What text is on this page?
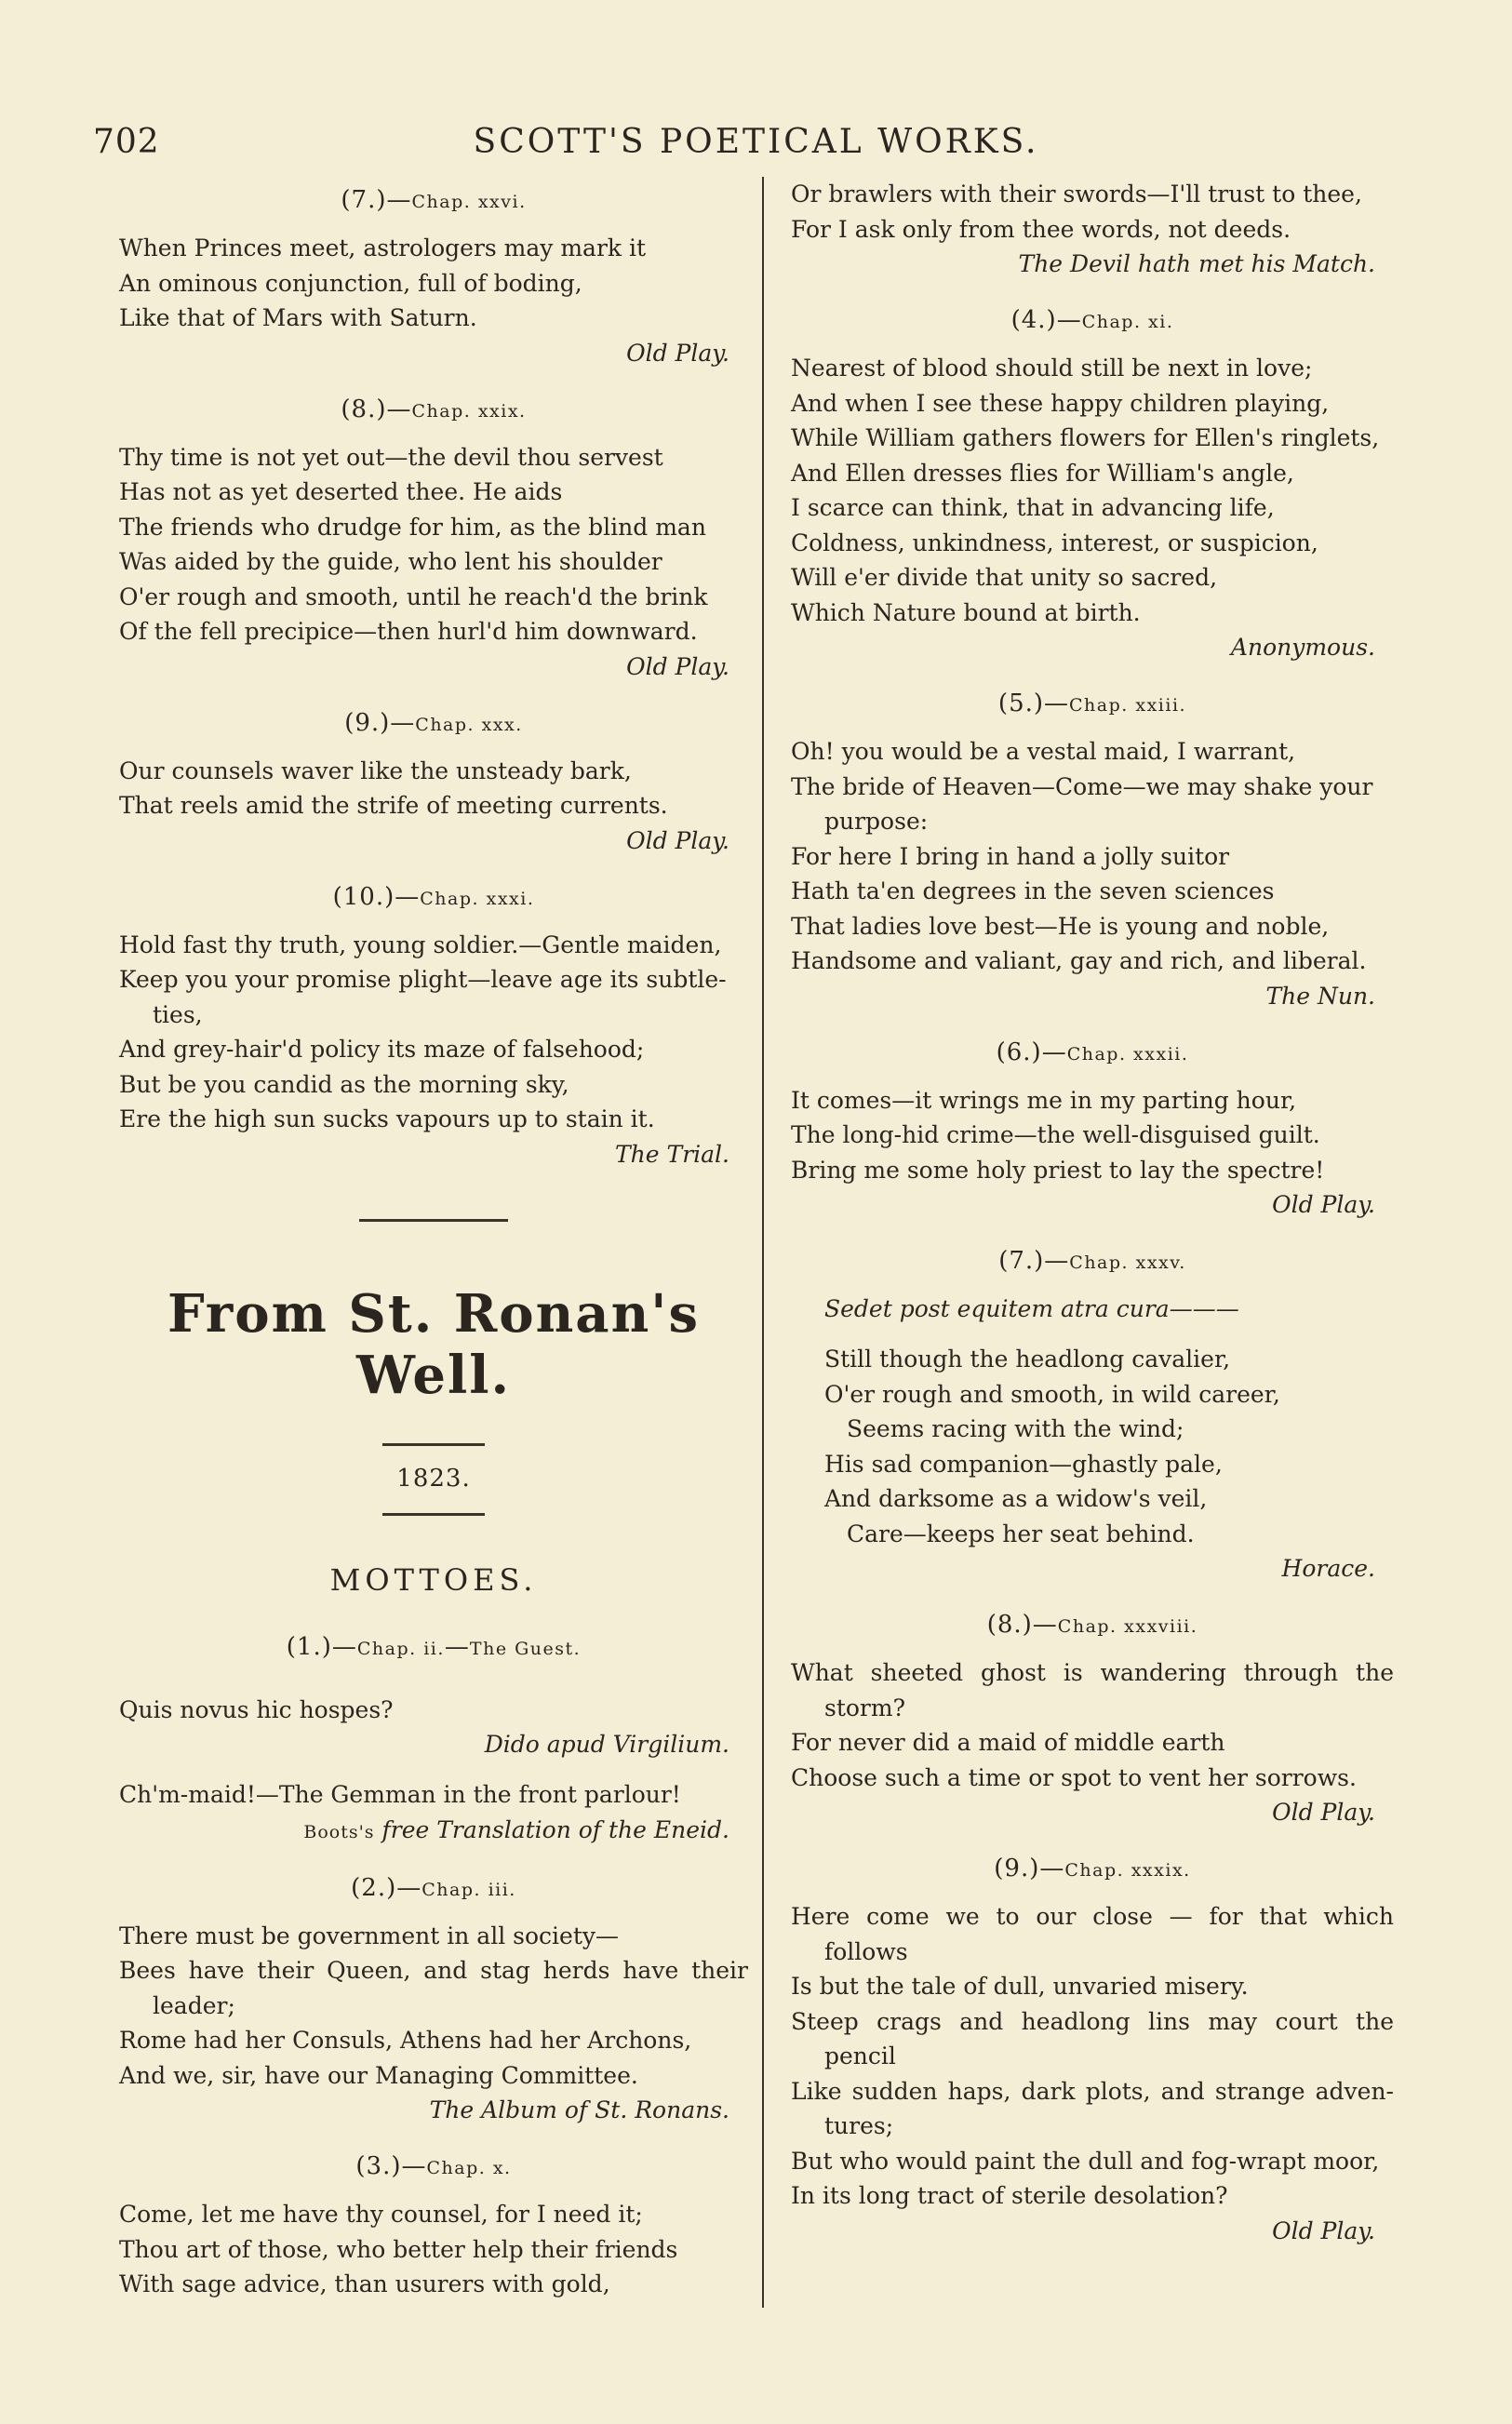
702	SCOTT'S POETICAL WORKS.
(7.)—Chap. xxvi.
When Princes meet, astrologers may mark it
An ominous conjunction, full of boding,
Like that of Mars with Saturn.
Old Play.
(8.)—Chap. xxix.
Thy time is not yet out—the devil thou servest
Has not as yet deserted thee. He aids
The friends who drudge for him, as the blind man
Was aided by the guide, who lent his shoulder
O'er rough and smooth, until he reach'd the brink
Of the fell precipice—then hurl'd him downward.
Old Play.
(9.)—Chap. xxx.
Our counsels waver like the unsteady bark,
That reels amid the strife of meeting currents.
Old Play.
(10.)—Chap. xxxi.
Hold fast thy truth, young soldier.—Gentle maiden,
Keep you your promise plight—leave age its subtle-
ties,
And grey-hair'd policy its maze of falsehood;
But be you candid as the morning sky,
Ere the high sun sucks vapours up to stain it.
The Trial.
From St. Ronan's Well.
1823.
MOTTOES.
(1.)—Chap. ii.—The Guest.
Quis novus hic hospes?
Dido apud Virgilium.
Ch'm-maid!—The Gemman in the front parlour!
Boots's free Translation of the Eneid.
(2.)—Chap. iii.
There must be government in all society—
Bees have their Queen, and stag herds have their
leader;
Rome had her Consuls, Athens had her Archons,
And we, sir, have our Managing Committee.
The Album of St. Ronans.
(3.)—Chap. x.
Come, let me have thy counsel, for I need it;
Thou art of those, who better help their friends
With sage advice, than usurers with gold,
Or brawlers with their swords—I'll trust to thee,
For I ask only from thee words, not deeds.
The Devil hath met his Match.
(4.)—Chap. xi.
Nearest of blood should still be next in love;
And when I see these happy children playing,
While William gathers flowers for Ellen's ringlets,
And Ellen dresses flies for William's angle,
I scarce can think, that in advancing life,
Coldness, unkindness, interest, or suspicion,
Will e'er divide that unity so sacred,
Which Nature bound at birth.
Anonymous.
(5.)—Chap. xxiii.
Oh! you would be a vestal maid, I warrant,
The bride of Heaven—Come—we may shake your
purpose:
For here I bring in hand a jolly suitor
Hath ta'en degrees in the seven sciences
That ladies love best—He is young and noble,
Handsome and valiant, gay and rich, and liberal.
The Nun.
(6.)—Chap. xxxii.
It comes—it wrings me in my parting hour,
The long-hid crime—the well-disguised guilt.
Bring me some holy priest to lay the spectre!
Old Play.
(7.)—Chap. xxxv.
Sedet post equitem atra cura———
Still though the headlong cavalier,
O'er rough and smooth, in wild career,
Seems racing with the wind;
His sad companion—ghastly pale,
And darksome as a widow's veil,
Care—keeps her seat behind.
Horace.
(8.)—Chap. xxxviii.
What sheeted ghost is wandering through the
storm?
For never did a maid of middle earth
Choose such a time or spot to vent her sorrows.
Old Play.
(9.)—Chap. xxxix.
Here come we to our close — for that which
follows
Is but the tale of dull, unvaried misery.
Steep crags and headlong lins may court the
pencil
Like sudden haps, dark plots, and strange adven-
tures;
But who would paint the dull and fog-wrapt moor,
In its long tract of sterile desolation?
Old Play.
